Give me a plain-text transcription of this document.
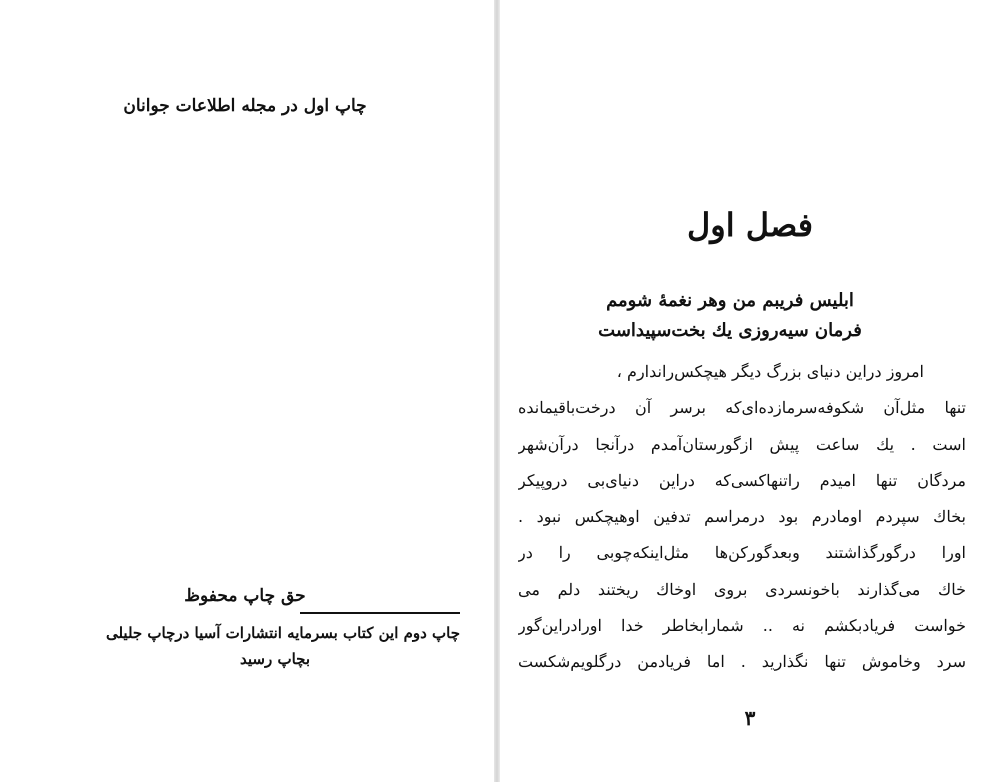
چاپ اول در مجله اطلاعات جوانان
حق چاپ محفوظ
چاپ دوم این کتاب بسرمایه انتشارات آسیا درچاپ جلیلی
بچاپ رسید
فصل اول
ابلیس فریبم من وهر نغمهٔ شومم
فرمان سیه‌روزی یك بخت‌سپیداست
امروز دراین دنیای بزرگ دیگر هیچکس‌را‌ندارم ،
تنها مثل‌آن شکوفه‌سرمازده‌ای‌که برسر آن درخت‌باقیمانده
است . یك ساعت پیش ازگورستان‌آمدم درآنجا درآن‌شهر
مردگان تنها امیدم راتنهاکسی‌که دراین دنیای‌بی درو‌پیکر
بخاك سپردم اومادرم بود درمراسم تدفین اوهیچکس نبود .
اورا درگورگذاشتند وبعدگورکن‌ها مثل‌اینکه‌چوبی را در
خاك می‌گذارند باخونسردی بروی اوخاك ریختند دلم می‌
خواست فریادبکشم نه .. شمارابخاطر خدا اورادراین‌گور
سرد وخاموش تنها نگذارید . اما فریادمن درگلویم‌شکست
۳
